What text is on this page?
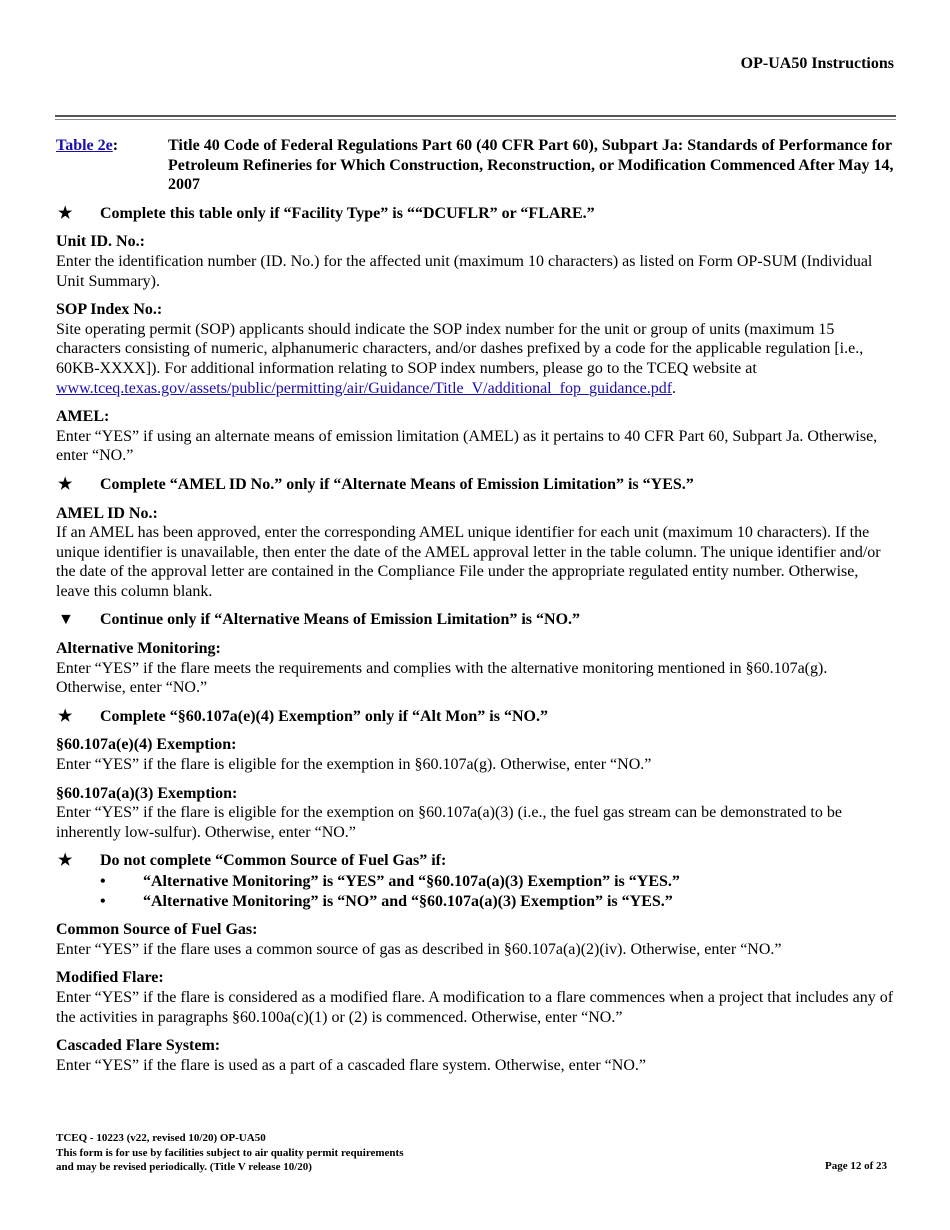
OP-UA50 Instructions
Table 2e:	Title 40 Code of Federal Regulations Part 60 (40 CFR Part 60), Subpart Ja: Standards of Performance for Petroleum Refineries for Which Construction, Reconstruction, or Modification Commenced After May 14, 2007
★	Complete this table only if “Facility Type” is ““DCUFLR” or “FLARE.”
Unit ID. No.:
Enter the identification number (ID. No.) for the affected unit (maximum 10 characters) as listed on Form OP-SUM (Individual Unit Summary).
SOP Index No.:
Site operating permit (SOP) applicants should indicate the SOP index number for the unit or group of units (maximum 15 characters consisting of numeric, alphanumeric characters, and/or dashes prefixed by a code for the applicable regulation [i.e., 60KB-XXXX]). For additional information relating to SOP index numbers, please go to the TCEQ website at www.tceq.texas.gov/assets/public/permitting/air/Guidance/Title_V/additional_fop_guidance.pdf.
AMEL:
Enter “YES” if using an alternate means of emission limitation (AMEL) as it pertains to 40 CFR Part 60, Subpart Ja. Otherwise, enter “NO.”
★	Complete “AMEL ID No.” only if “Alternate Means of Emission Limitation” is “YES.”
AMEL ID No.:
If an AMEL has been approved, enter the corresponding AMEL unique identifier for each unit (maximum 10 characters). If the unique identifier is unavailable, then enter the date of the AMEL approval letter in the table column. The unique identifier and/or the date of the approval letter are contained in the Compliance File under the appropriate regulated entity number. Otherwise, leave this column blank.
▼	Continue only if “Alternative Means of Emission Limitation” is “NO.”
Alternative Monitoring:
Enter “YES” if the flare meets the requirements and complies with the alternative monitoring mentioned in §60.107a(g). Otherwise, enter “NO.”
★	Complete “§60.107a(e)(4) Exemption” only if “Alt Mon” is “NO.”
§60.107a(e)(4) Exemption:
Enter “YES” if the flare is eligible for the exemption in §60.107a(g). Otherwise, enter “NO.”
§60.107a(a)(3) Exemption:
Enter “YES” if the flare is eligible for the exemption on §60.107a(a)(3) (i.e., the fuel gas stream can be demonstrated to be inherently low-sulfur). Otherwise, enter “NO.”
★	Do not complete “Common Source of Fuel Gas” if:
•	“Alternative Monitoring” is “YES” and “§60.107a(a)(3) Exemption” is “YES.”
•	“Alternative Monitoring” is “NO” and “§60.107a(a)(3) Exemption” is “YES.”
Common Source of Fuel Gas:
Enter “YES” if the flare uses a common source of gas as described in §60.107a(a)(2)(iv). Otherwise, enter “NO.”
Modified Flare:
Enter “YES” if the flare is considered as a modified flare. A modification to a flare commences when a project that includes any of the activities in paragraphs §60.100a(c)(1) or (2) is commenced. Otherwise, enter “NO.”
Cascaded Flare System:
Enter “YES” if the flare is used as a part of a cascaded flare system. Otherwise, enter “NO.”
TCEQ - 10223 (v22, revised 10/20) OP-UA50
This form is for use by facilities subject to air quality permit requirements
and may be revised periodically. (Title V release 10/20)	Page 12 of 23
